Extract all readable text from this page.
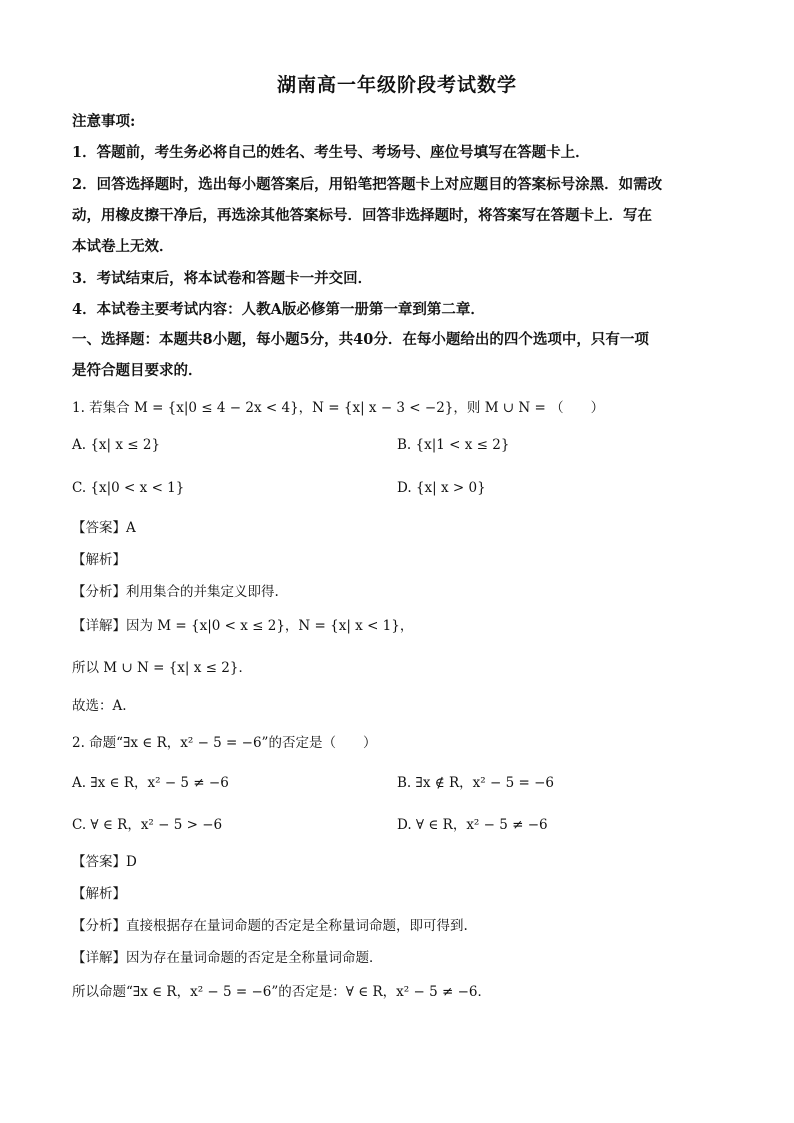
湖南高一年级阶段考试数学
注意事项:
1．答题前，考生务必将自己的姓名、考生号、考场号、座位号填写在答题卡上．
2．回答选择题时，选出每小题答案后，用铅笔把答题卡上对应题目的答案标号涂黑．如需改
动，用橡皮擦干净后，再选涂其他答案标号．回答非选择题时，将答案写在答题卡上．写在
本试卷上无效．
3．考试结束后，将本试卷和答题卡一并交回．
4．本试卷主要考试内容：人教A版必修第一册第一章到第二章．
一、选择题：本题共8小题，每小题5分，共40分．在每小题给出的四个选项中，只有一项
是符合题目要求的．
1. 若集合 M = {x|0 ≤ 4 − 2x < 4}，N = {x| x − 3 < −2}，则 M ∪ N = （　　）
A. {x| x ≤ 2}	B. {x|1 < x ≤ 2}
C. {x|0 < x < 1}	D. {x| x > 0}
【答案】A
【解析】
【分析】利用集合的并集定义即得.
【详解】因为 M = {x|0 < x ≤ 2}，N = {x| x < 1}，
所以 M ∪ N = {x| x ≤ 2}．
故选：A.
2. 命题“∃x ∈ R，x² − 5 = −6”的否定是（　　）
A. ∃x ∈ R，x² − 5 ≠ −6	B. ∃x ∉ R，x² − 5 = −6
C. ∀ ∈ R，x² − 5 > −6	D. ∀ ∈ R，x² − 5 ≠ −6
【答案】D
【解析】
【分析】直接根据存在量词命题的否定是全称量词命题，即可得到.
【详解】因为存在量词命题的否定是全称量词命题．
所以命题“∃x ∈ R，x² − 5 = −6”的否定是：∀ ∈ R，x² − 5 ≠ −6．
